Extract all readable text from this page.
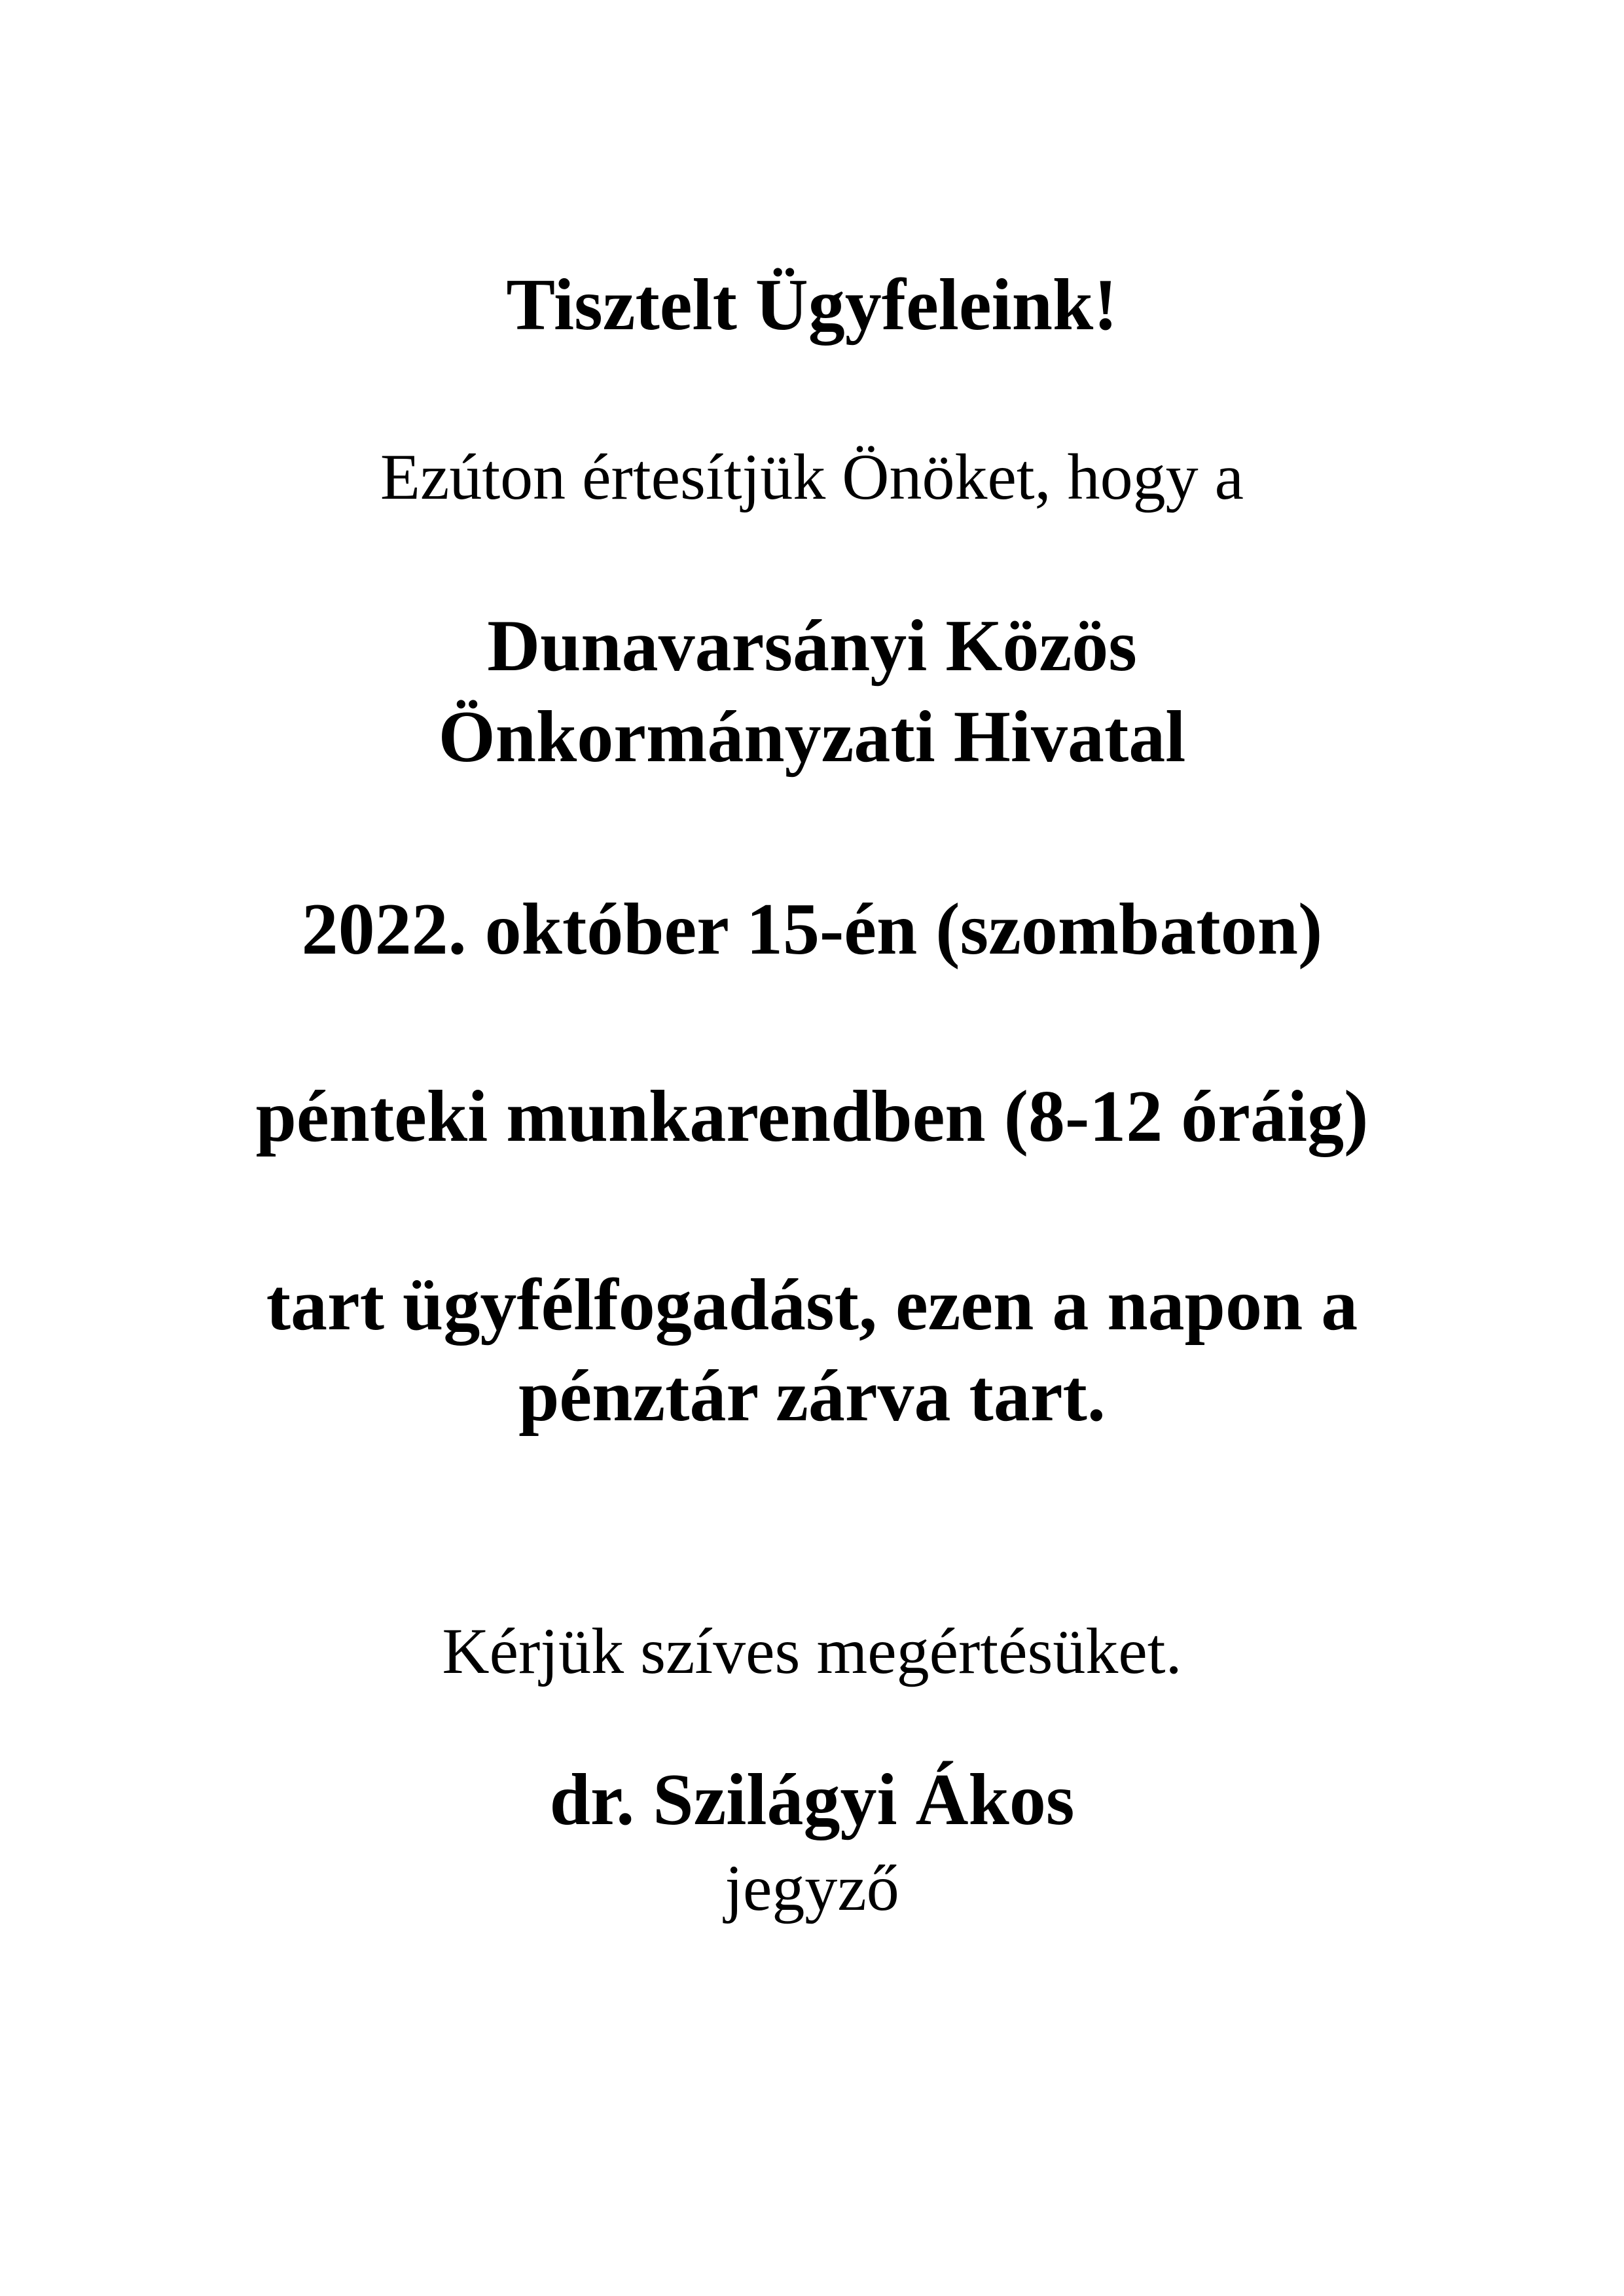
Tisztelt Ügyfeleink!
Ezúton értesítjük Önöket, hogy a
Dunavarsányi Közös
Önkormányzati Hivatal
2022. október 15-én (szombaton)
pénteki munkarendben (8-12 óráig)
tart ügyfélfogadást, ezen a napon a
pénztár zárva tart.
Kérjük szíves megértésüket.
dr. Szilágyi Ákos
jegyző
